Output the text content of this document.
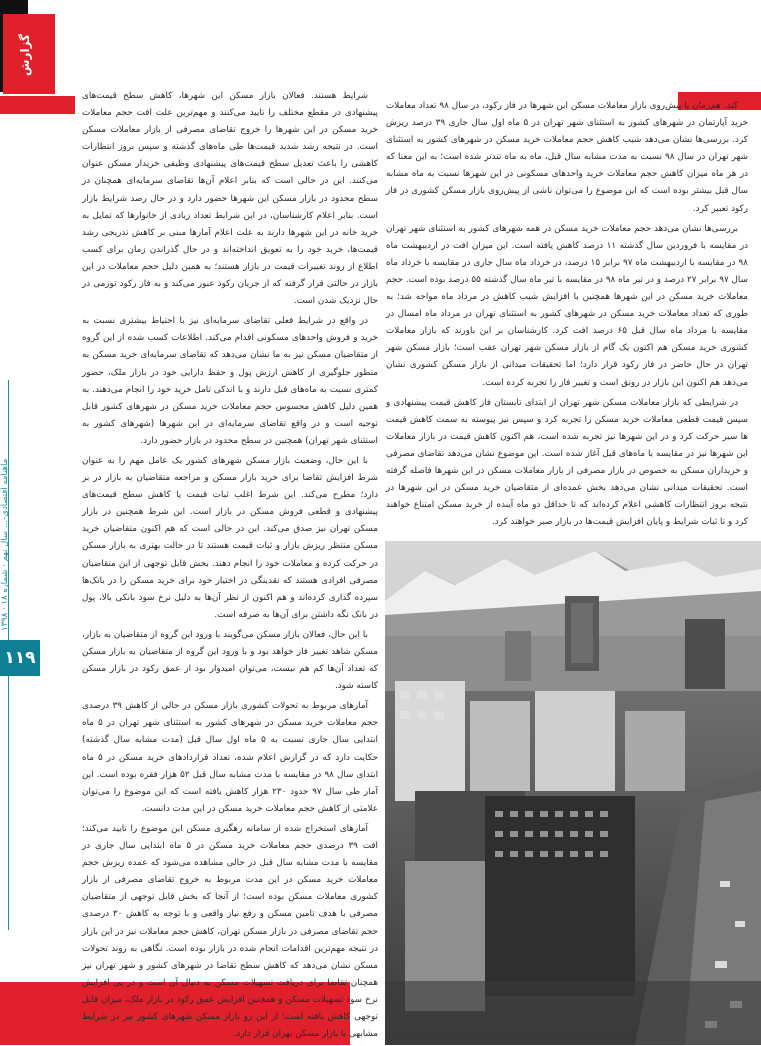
گزارش
ماهنامه اقتصادی-… سال نهم · شماره ۱۸ · ۱۳۹۸
۱۱۹

کند. هم‌زمان با پیش‌روی بازار معاملات مسکن این شهرها در فاز رکود، در سال ۹۸ تعداد معاملات خرید آپارتمان در شهرهای کشور به استثنای شهر تهران در ۵ ماه اول سال جاری ۳۹ درصد ریزش کرد. بررسی‌ها نشان می‌دهد شیب کاهش حجم معاملات خرید مسکن در شهرهای کشور به استثنای شهر تهران در سال ۹۸ نسبت به مدت مشابه سال قبل، ماه به ماه تندتر شده است؛ به این معنا که در هر ماه میزان کاهش حجم معاملات خرید واحدهای مسکونی در این شهرها نسبت به ماه مشابه سال قبل بیشتر بوده است که این موضوع را می‌توان ناشی از پیش‌روی بازار مسکن کشوری در فاز رکود تعبیر کرد.

بررسی‌ها نشان می‌دهد حجم معاملات خرید مسکن در همه شهرهای کشور به استثنای شهر تهران در مقایسه با فروردین سال گذشته ۱۱ درصد کاهش یافته است. این میزان افت در اردیبهشت ماه ۹۸ در مقایسه با اردیبهشت ماه ۹۷ برابر ۱۵ درصد، در خرداد ماه سال جاری در مقایسه با خرداد ماه سال ۹۷ برابر ۲۷ درصد و در تیر ماه ۹۸ در مقایسه با تیر ماه سال گذشته ۵۵ درصد بوده است. حجم معاملات خرید مسکن در این شهرها همچنین با افزایش شیب کاهش در مرداد ماه مواجه شد؛ به طوری که تعداد معاملات خرید مسکن در شهرهای کشور به استثنای تهران در مرداد ماه امسال در مقایسه با مرداد ماه سال قبل ۶۵ درصد افت کرد. کارشناسان بر این باورند که بازار معاملات کشوری خرید مسکن هم اکنون یک گام از بازار مسکن شهر تهران عقب است؛ بازار مسکن شهر تهران در حال حاضر در فاز رکود قرار دارد؛ اما تحقیقات میدانی از بازار مسکن کشوری نشان می‌دهد هم اکنون این بازار در رونق است و تغییر فاز را تجربه کرده است.

در شرایطی که بازار معاملات مسکن شهر تهران از ابتدای تابستان فاز کاهش قیمت پیشنهادی و سپس قیمت قطعی معاملات خرید مسکن را تجربه کرد و سپس نیز پیوسته به سمت کاهش قیمت ها سیر حرکت کرد و در این شهرها نیز تجربه شده است، هم اکنون کاهش قیمت در بازار معاملات این شهرها نیز در مقایسه با ماه‌های قبل آغاز شده است. این موضوع نشان می‌دهد تقاضای مصرفی و خریداران مسکن به خصوص در بازار مصرفی از بازار معاملات مسکن در این شهرها فاصله گرفته است. تحقیقات میدانی نشان می‌دهد بخش عمده‌ای از متقاضیان خرید مسکن در این شهرها در نتیجه بروز انتظارات کاهشی اعلام کرده‌اند که تا حداقل دو ماه آینده از خرید مسکن امتناع خواهند کرد و تا ثبات شرایط و پایان افزایش قیمت‌ها در بازار صبر خواهند کرد.

شرایط هستند. فعالان بازار مسکن این شهرها، کاهش سطح قیمت‌های پیشنهادی در مقطع مختلف را تایید می‌کنند و مهم‌ترین علت افت حجم معاملات خرید مسکن در این شهرها را خروج تقاضای مصرفی از بازار معاملات مسکن است. در نتیجه رشد شدید قیمت‌ها طی ماه‌های گذشته و سپس بروز انتظارات کاهشی را باعث تعدیل سطح قیمت‌های پیشنهادی وظیفی خریدار مسکن عنوان می‌کنند. این در حالی است که بنابر اعلام آن‌ها تقاضای سرمایه‌ای همچنان در سطح محدود در بازار مسکن این شهرها حضور دارد و در حال رصد شرایط بازار است. بنابر اعلام کارشناسان، در این شرایط تعداد زیادی از خانوارها که تمایل به خرید خانه در این شهرها دارند به علت اعلام آمارها مبنی بر کاهش تدریجی رشد قیمت‌ها، خرید خود را به تعویق انداخته‌اند و در حال گذراندن زمان برای کسب اطلاع از روند تغییرات قیمت در بازار هستند؛ به همین دلیل حجم معاملات در این بازار در حالتی قرار گرفته که از جریان رکود عبور می‌کند و به فاز رکود تورمی در حال نزدیک شدن است.

در واقع در شرایط فعلی تقاضای سرمایه‌ای نیز با احتیاط بیشتری نسبت به خرید و فروش واحدهای مسکونی اقدام می‌کند. اطلاعات کسب شده از این گروه از متقاضیان مسکن نیز به ما نشان می‌دهد که تقاضای سرمایه‌ای خرید مسکن به منظور جلوگیری از کاهش ارزش پول و حفظ دارایی خود در بازار ملک، حضور کمتری نسبت به ماه‌های قبل دارند و با اندکی تامل خرید خود را انجام می‌دهند. به همین دلیل کاهش محسوس حجم معاملات خرید مسکن در شهرهای کشور قابل توجیه است و در واقع تقاضای سرمایه‌ای در این شهرها (شهرهای کشور به استثنای شهر تهران) همچنین در سطح محدود در بازار حضور دارد.

با این حال، وضعیت بازار مسکن شهرهای کشور یک عامل مهم را به عنوان شرط افزایش تقاضا برای خرید بازار مسکن و مراجعه متقاضیان به بازار در بر دارد؛ مطرح می‌کند. این شرط اغلب ثبات قیمت یا کاهش سطح قیمت‌های پیشنهادی و قطعی فروش مسکن در بازار است. این شرط همچنین در بازار مسکن تهران نیز صدق می‌کند. این در حالی است که هم اکنون متقاضیان خرید مسکن منتظر ریزش بازار و ثبات قیمت هستند تا در حالت بهتری به بازار مسکن در حرکت کرده و معاملات خود را انجام دهند. بخش قابل توجهی از این متقاضیان مصرفی افرادی هستند که نقدینگی در اختیار خود برای خرید مسکن را در بانک‌ها سپرده گذاری کرده‌اند و هم اکنون از نظر آن‌ها به دلیل نرخ سود بانکی بالا، پول در بانک نگه داشتن برای آن‌ها به صرفه است.

با این حال، فعالان بازار مسکن می‌گویند با ورود این گروه از متقاضیان به بازار، مسکن شاهد تغییر فاز خواهد بود و با ورود این گروه از متقاضیان به بازار مسکن که تعداد آن‌ها کم هم نیست، می‌توان امیدوار بود از عمق رکود در بازار مسکن کاسته شود.

آمارهای مربوط به تحولات کشوری بازار مسکن در حالی از کاهش ۳۹ درصدی حجم معاملات خرید مسکن در شهرهای کشور به استثنای شهر تهران در ۵ ماه ابتدایی سال جاری نسبت به ۵ ماه اول سال قبل (مدت مشابه سال گذشته) حکایت دارد که در گزارش اعلام شده، تعداد قراردادهای خرید مسکن در ۵ ماه ابتدای سال ۹۸ در مقایسه با مدت مشابه سال قبل ۵۲ هزار فقره بوده است. این آمار طی سال ۹۷ حدود ۲۳۰ هزار کاهش یافته است که این موضوع را می‌توان علامتی از کاهش حجم معاملات خرید مسکن در این مدت دانست.

آمارهای استخراج شده از سامانه رهگیری مسکن این موضوع را تایید می‌کند؛ افت ۳۹ درصدی حجم معاملات خرید مسکن در ۵ ماه ابتدایی سال جاری در مقایسه با مدت مشابه سال قبل در حالی مشاهده می‌شود که عمده ریزش حجم معاملات خرید مسکن در این مدت مربوط به خروج تقاضای مصرفی از بازار کشوری معاملات مسکن بوده است؛ از آنجا که بخش قابل توجهی از متقاضیان مصرفی با هدف تامین مسکن و رفع نیاز واقعی و با توجه به کاهش ۳۰ درصدی حجم تقاضای مصرفی در بازار مسکن تهران، کاهش حجم معاملات نیز در این بازار در نتیجه مهم‌ترین اقدامات انجام شده در بازار بوده است. نگاهی به روند تحولات مسکن نشان می‌دهد که کاهش سطح تقاضا در شهرهای کشور و شهر تهران نیز همچنان تقاضا برای دریافت تسهیلات مسکن به دنبال آن است و در پی افزایش نرخ سود تسهیلات مسکن و همچنین افزایش عمق رکود در بازار ملک، میزان قابل توجهی کاهش یافته است؛ از این رو بازار مسکن شهرهای کشور نیز در شرایط مشابهی با بازار مسکن تهران قرار دارد.
